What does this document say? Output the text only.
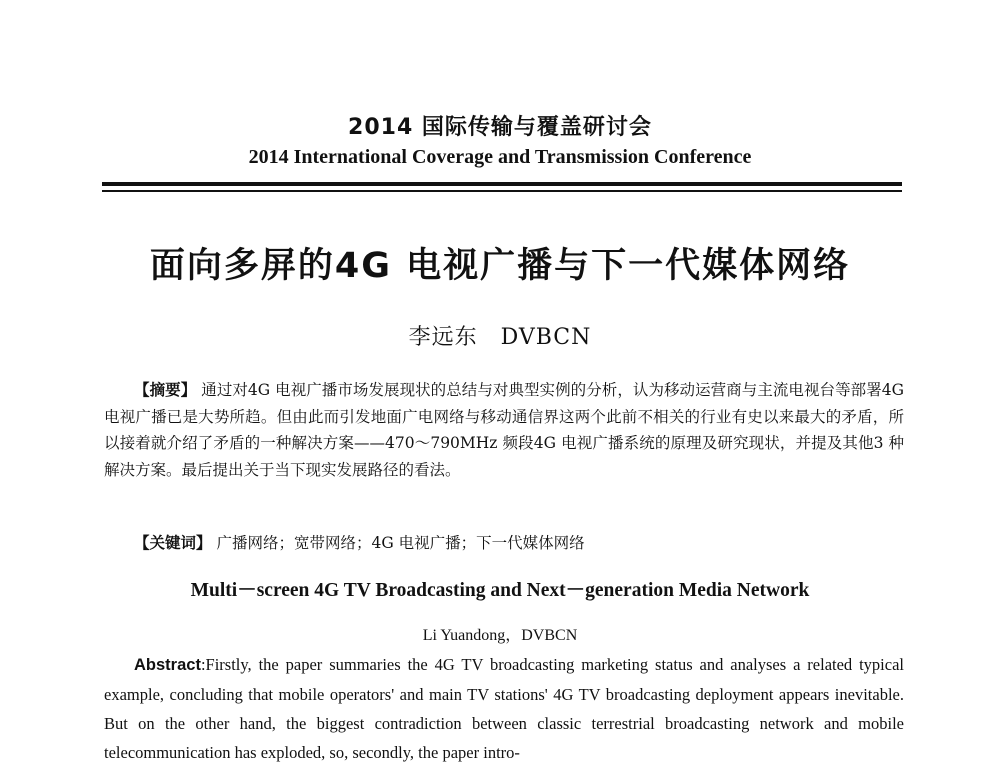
2014 国际传输与覆盖研讨会
2014 International Coverage and Transmission Conference
面向多屏的4G 电视广播与下一代媒体网络
李远东　DVBCN
【摘要】 通过对4G 电视广播市场发展现状的总结与对典型实例的分析，认为移动运营商与主流电视台等部署4G 电视广播已是大势所趋。但由此而引发地面广电网络与移动通信界这两个此前不相关的行业有史以来最大的矛盾，所以接着就介绍了矛盾的一种解决方案——470～790MHz 频段4G 电视广播系统的原理及研究现状，并提及其他3 种解决方案。最后提出关于当下现实发展路径的看法。
【关键词】 广播网络；宽带网络；4G 电视广播；下一代媒体网络
Multi－screen 4G TV Broadcasting and Next－generation Media Network
Li Yuandong，DVBCN
Abstract:Firstly, the paper summaries the 4G TV broadcasting marketing status and analyses a related typical example, concluding that mobile operators' and main TV stations' 4G TV broadcasting deployment appears inevitable. But on the other hand, the biggest contradiction between classic terrestrial broadcasting network and mobile telecommunication has exploded, so, secondly, the paper intro-
